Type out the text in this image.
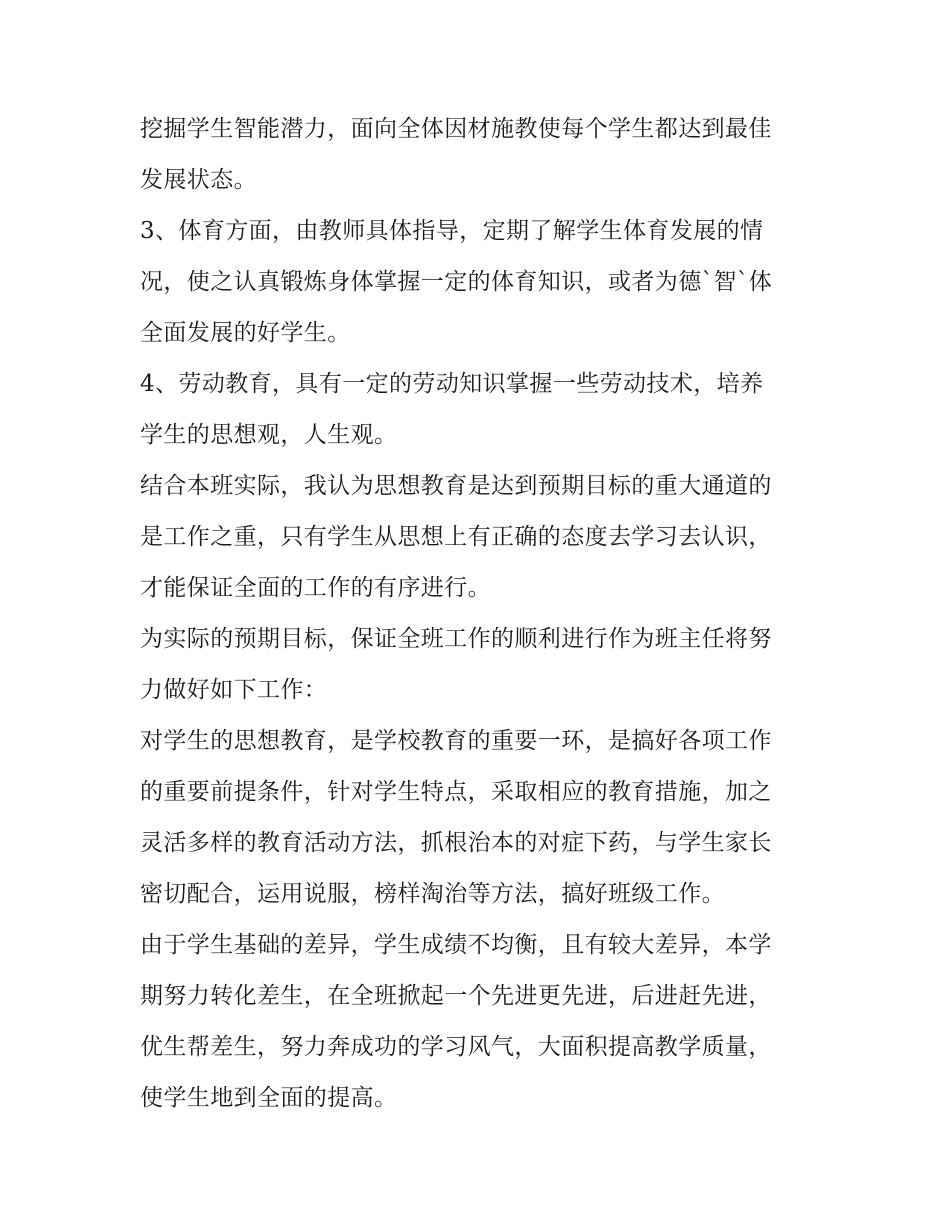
挖掘学生智能潜力，面向全体因材施教使每个学生都达到最佳
发展状态。
3、体育方面，由教师具体指导，定期了解学生体育发展的情
况，使之认真锻炼身体掌握一定的体育知识，或者为德`智`体
全面发展的好学生。
4、劳动教育，具有一定的劳动知识掌握一些劳动技术，培养
学生的思想观，人生观。
结合本班实际，我认为思想教育是达到预期目标的重大通道的
是工作之重，只有学生从思想上有正确的态度去学习去认识，
才能保证全面的工作的有序进行。
为实际的预期目标，保证全班工作的顺利进行作为班主任将努
力做好如下工作：
对学生的思想教育，是学校教育的重要一环，是搞好各项工作
的重要前提条件，针对学生特点，采取相应的教育措施，加之
灵活多样的教育活动方法，抓根治本的对症下药，与学生家长
密切配合，运用说服，榜样淘治等方法，搞好班级工作。
由于学生基础的差异，学生成绩不均衡，且有较大差异，本学
期努力转化差生，在全班掀起一个先进更先进，后进赶先进，
优生帮差生，努力奔成功的学习风气，大面积提高教学质量，
使学生地到全面的提高。
